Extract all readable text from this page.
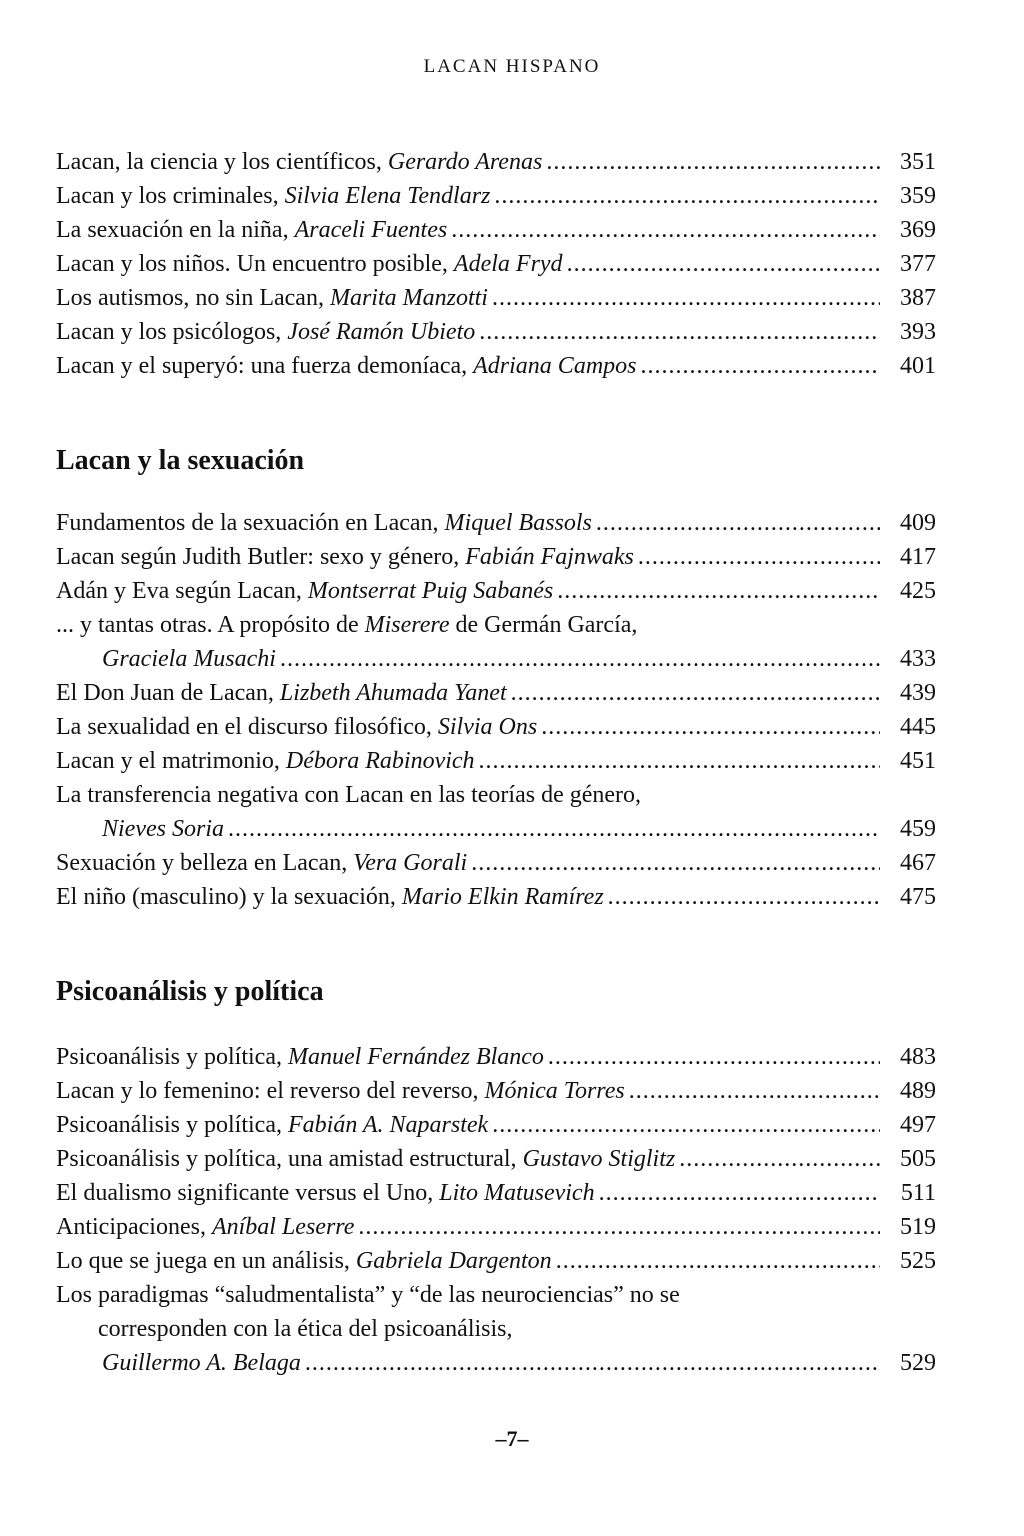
LACAN HISPANO
Lacan, la ciencia y los científicos, Gerardo Arenas .....	351
Lacan y los criminales, Silvia Elena Tendlarz .....	359
La sexuación en la niña, Araceli Fuentes .....	369
Lacan y los niños. Un encuentro posible, Adela Fryd .....	377
Los autismos, no sin Lacan, Marita Manzotti .....	387
Lacan y los psicólogos, José Ramón Ubieto .....	393
Lacan y el superyó: una fuerza demoníaca, Adriana Campos .....	401
Lacan y la sexuación
Fundamentos de la sexuación en Lacan, Miquel Bassols .....	409
Lacan según Judith Butler: sexo y género, Fabián Fajnwaks .....	417
Adán y Eva según Lacan, Montserrat Puig Sabanés .....	425
... y tantas otras. A propósito de Miserere de Germán García,
Graciela Musachi .....	433
El Don Juan de Lacan, Lizbeth Ahumada Yanet .....	439
La sexualidad en el discurso filosófico, Silvia Ons .....	445
Lacan y el matrimonio, Débora Rabinovich .....	451
La transferencia negativa con Lacan en las teorías de género,
Nieves Soria .....	459
Sexuación y belleza en Lacan, Vera Gorali .....	467
El niño (masculino) y la sexuación, Mario Elkin Ramírez .....	475
Psicoanálisis y política
Psicoanálisis y política, Manuel Fernández Blanco .....	483
Lacan y lo femenino: el reverso del reverso, Mónica Torres .....	489
Psicoanálisis y política, Fabián A. Naparstek .....	497
Psicoanálisis y política, una amistad estructural, Gustavo Stiglitz .....	505
El dualismo significante versus el Uno, Lito Matusevich .....	511
Anticipaciones, Aníbal Leserre .....	519
Lo que se juega en un análisis, Gabriela Dargenton .....	525
Los paradigmas “saludmentalista” y “de las neurociencias” no se
corresponden con la ética del psicoanálisis,
Guillermo A. Belaga .....	529
–7–
